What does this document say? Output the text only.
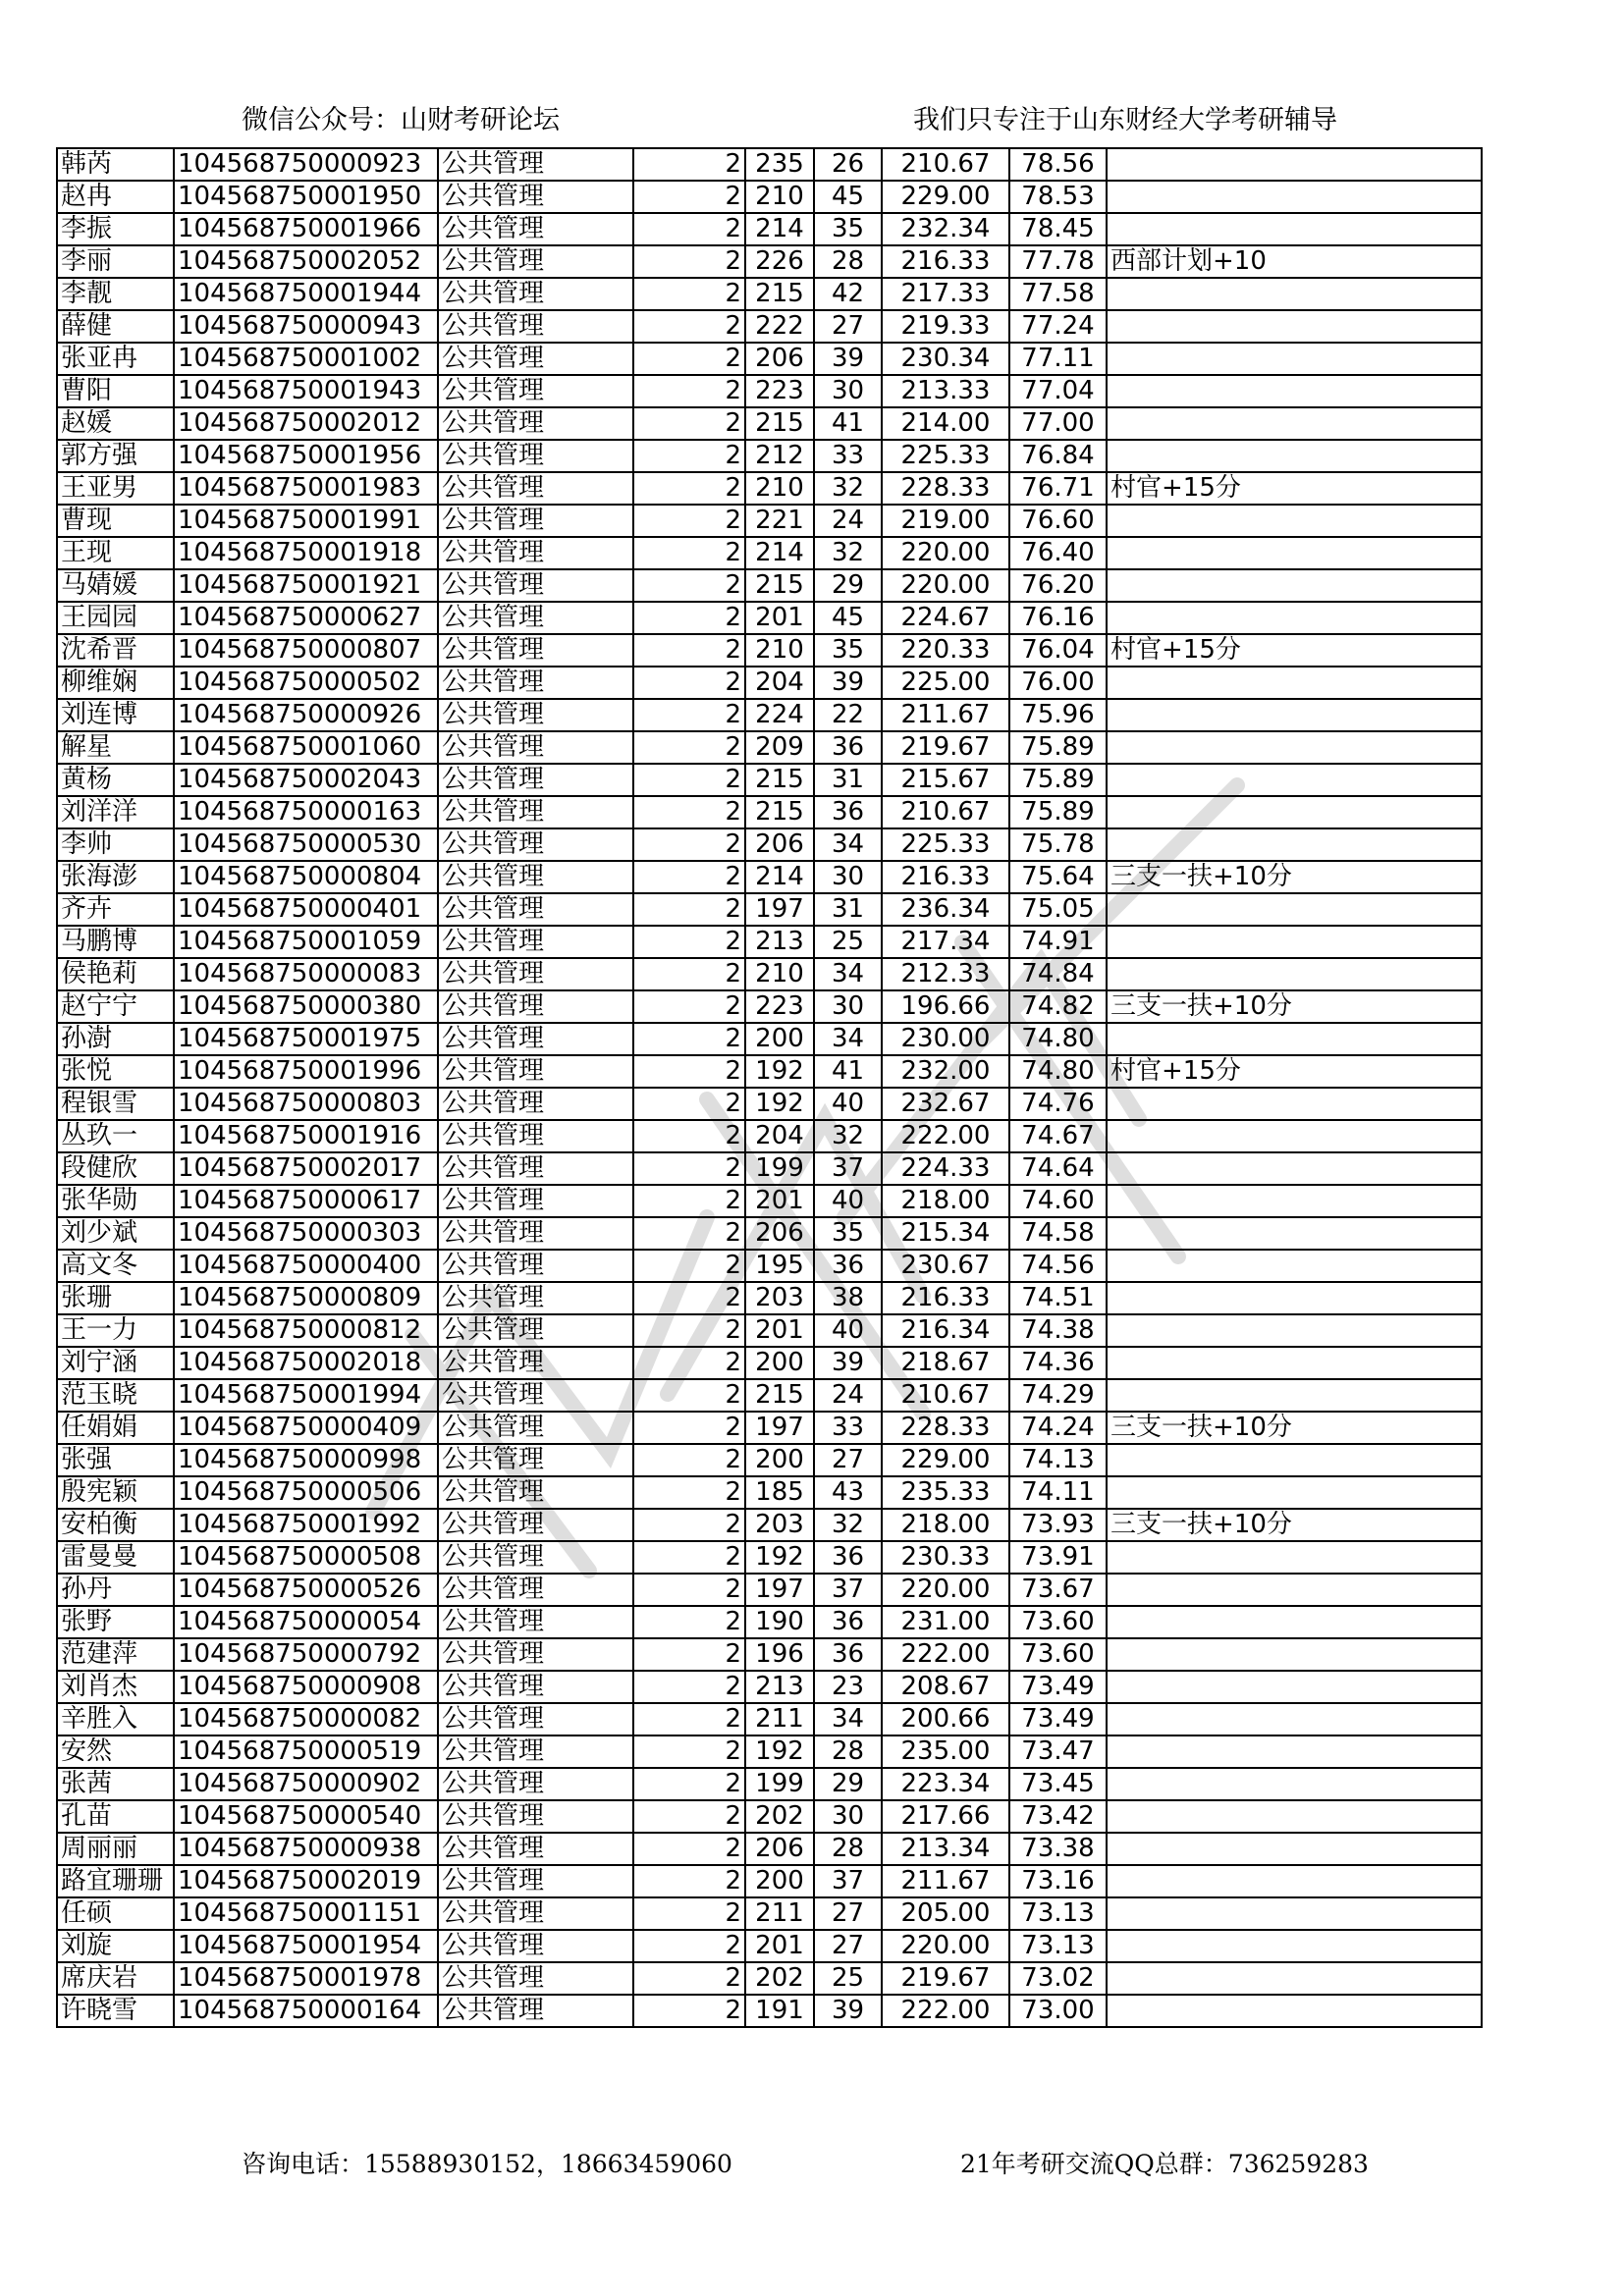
微信公众号：山财考研论坛	我们只专注于山东财经大学考研辅导
韩芮	104568750000923	公共管理	2	235	26	210.67	78.56	
赵冉	104568750001950	公共管理	2	210	45	229.00	78.53	
李振	104568750001966	公共管理	2	214	35	232.34	78.45	
李丽	104568750002052	公共管理	2	226	28	216.33	77.78	西部计划+10
李靓	104568750001944	公共管理	2	215	42	217.33	77.58	
薛健	104568750000943	公共管理	2	222	27	219.33	77.24	
张亚冉	104568750001002	公共管理	2	206	39	230.34	77.11	
曹阳	104568750001943	公共管理	2	223	30	213.33	77.04	
赵媛	104568750002012	公共管理	2	215	41	214.00	77.00	
郭方强	104568750001956	公共管理	2	212	33	225.33	76.84	
王亚男	104568750001983	公共管理	2	210	32	228.33	76.71	村官+15分
曹现	104568750001991	公共管理	2	221	24	219.00	76.60	
王现	104568750001918	公共管理	2	214	32	220.00	76.40	
马婧媛	104568750001921	公共管理	2	215	29	220.00	76.20	
王园园	104568750000627	公共管理	2	201	45	224.67	76.16	
沈希晋	104568750000807	公共管理	2	210	35	220.33	76.04	村官+15分
柳维娴	104568750000502	公共管理	2	204	39	225.00	76.00	
刘连博	104568750000926	公共管理	2	224	22	211.67	75.96	
解星	104568750001060	公共管理	2	209	36	219.67	75.89	
黄杨	104568750002043	公共管理	2	215	31	215.67	75.89	
刘洋洋	104568750000163	公共管理	2	215	36	210.67	75.89	
李帅	104568750000530	公共管理	2	206	34	225.33	75.78	
张海澎	104568750000804	公共管理	2	214	30	216.33	75.64	三支一扶+10分
齐卉	104568750000401	公共管理	2	197	31	236.34	75.05	
马鹏博	104568750001059	公共管理	2	213	25	217.34	74.91	
侯艳莉	104568750000083	公共管理	2	210	34	212.33	74.84	
赵宁宁	104568750000380	公共管理	2	223	30	196.66	74.82	三支一扶+10分
孙澍	104568750001975	公共管理	2	200	34	230.00	74.80	
张悦	104568750001996	公共管理	2	192	41	232.00	74.80	村官+15分
程银雪	104568750000803	公共管理	2	192	40	232.67	74.76	
丛玖一	104568750001916	公共管理	2	204	32	222.00	74.67	
段健欣	104568750002017	公共管理	2	199	37	224.33	74.64	
张华勋	104568750000617	公共管理	2	201	40	218.00	74.60	
刘少斌	104568750000303	公共管理	2	206	35	215.34	74.58	
高文冬	104568750000400	公共管理	2	195	36	230.67	74.56	
张珊	104568750000809	公共管理	2	203	38	216.33	74.51	
王一力	104568750000812	公共管理	2	201	40	216.34	74.38	
刘宁涵	104568750002018	公共管理	2	200	39	218.67	74.36	
范玉晓	104568750001994	公共管理	2	215	24	210.67	74.29	
任娟娟	104568750000409	公共管理	2	197	33	228.33	74.24	三支一扶+10分
张强	104568750000998	公共管理	2	200	27	229.00	74.13	
殷宪颖	104568750000506	公共管理	2	185	43	235.33	74.11	
安柏衡	104568750001992	公共管理	2	203	32	218.00	73.93	三支一扶+10分
雷曼曼	104568750000508	公共管理	2	192	36	230.33	73.91	
孙丹	104568750000526	公共管理	2	197	37	220.00	73.67	
张野	104568750000054	公共管理	2	190	36	231.00	73.60	
范建萍	104568750000792	公共管理	2	196	36	222.00	73.60	
刘肖杰	104568750000908	公共管理	2	213	23	208.67	73.49	
辛胜入	104568750000082	公共管理	2	211	34	200.66	73.49	
安然	104568750000519	公共管理	2	192	28	235.00	73.47	
张茜	104568750000902	公共管理	2	199	29	223.34	73.45	
孔苗	104568750000540	公共管理	2	202	30	217.66	73.42	
周丽丽	104568750000938	公共管理	2	206	28	213.34	73.38	
路宜珊珊	104568750002019	公共管理	2	200	37	211.67	73.16	
任硕	104568750001151	公共管理	2	211	27	205.00	73.13	
刘旋	104568750001954	公共管理	2	201	27	220.00	73.13	
席庆岩	104568750001978	公共管理	2	202	25	219.67	73.02	
许晓雪	104568750000164	公共管理	2	191	39	222.00	73.00	
咨询电话：15588930152，18663459060	21年考研交流QQ总群：736259283
